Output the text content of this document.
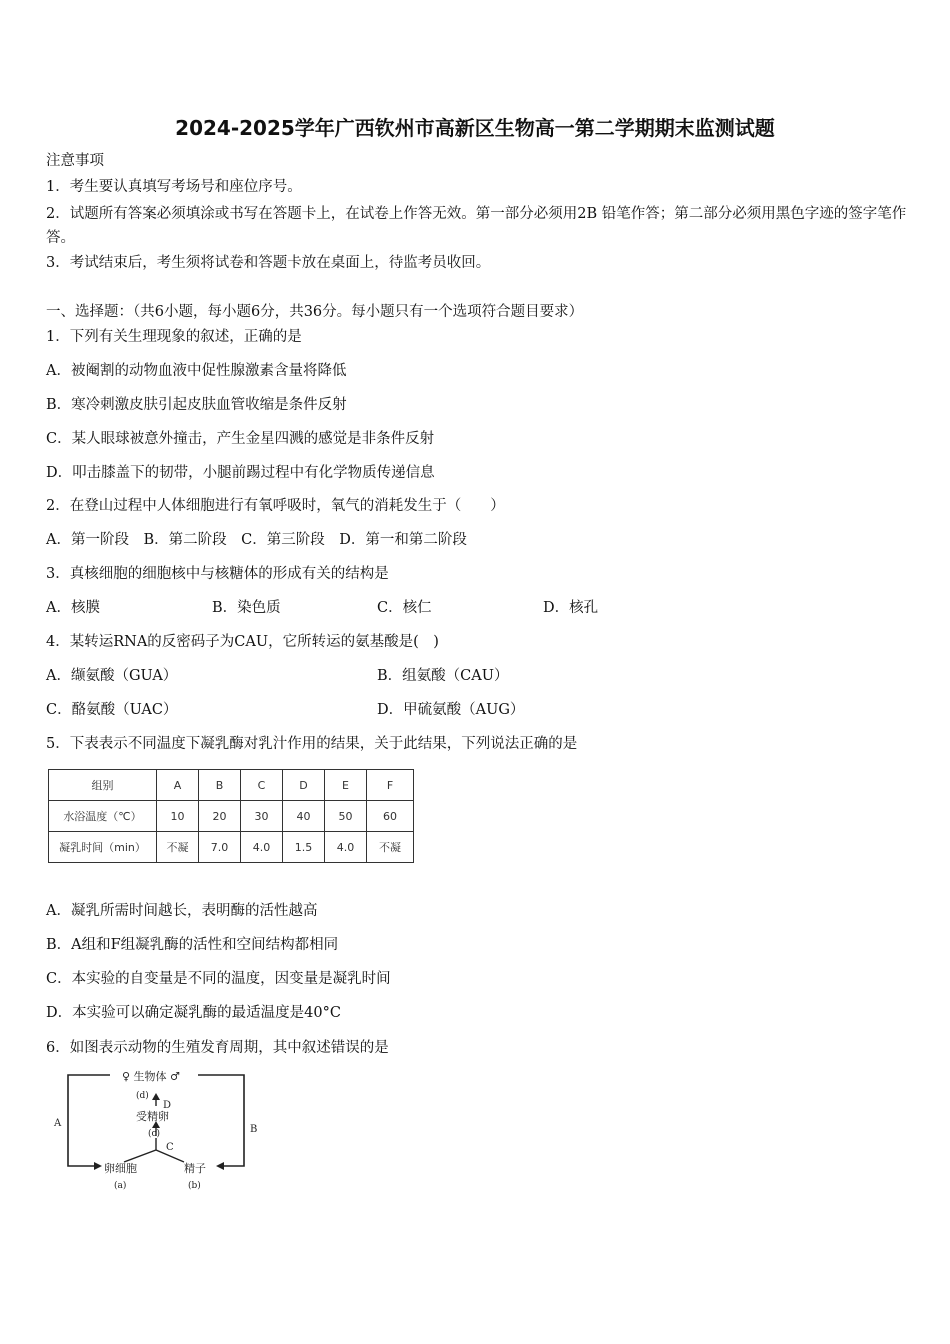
2024-2025学年广西钦州市高新区生物高一第二学期期末监测试题
注意事项
1．考生要认真填写考场号和座位序号。
2．试题所有答案必须填涂或书写在答题卡上，在试卷上作答无效。第一部分必须用2B 铅笔作答；第二部分必须用黑色字迹的签字笔作答。
3．考试结束后，考生须将试卷和答题卡放在桌面上，待监考员收回。
一、选择题：（共6小题，每小题6分，共36分。每小题只有一个选项符合题目要求）
1．下列有关生理现象的叙述，正确的是
A．被阉割的动物血液中促性腺激素含量将降低
B．寒冷刺激皮肤引起皮肤血管收缩是条件反射
C．某人眼球被意外撞击，产生金星四溅的感觉是非条件反射
D．叩击膝盖下的韧带，小腿前踢过程中有化学物质传递信息
2．在登山过程中人体细胞进行有氧呼吸时，氧气的消耗发生于（　　）
A．第一阶段　B．第二阶段　C．第三阶段　D．第一和第二阶段
3．真核细胞的细胞核中与核糖体的形成有关的结构是
A．核膜	B．染色质	C．核仁	D．核孔
4．某转运RNA的反密码子为CAU，它所转运的氨基酸是(　)
A．缬氨酸（GUA）	B．组氨酸（CAU）
C．酪氨酸（UAC）	D．甲硫氨酸（AUG）
5．下表表示不同温度下凝乳酶对乳汁作用的结果，关于此结果，下列说法正确的是
组别	A	B	C	D	E	F
水浴温度（℃）	10	20	30	40	50	60
凝乳时间（min）	不凝	7.0	4.0	1.5	4.0	不凝
A．凝乳所需时间越长，表明酶的活性越高
B．A组和F组凝乳酶的活性和空间结构都相同
C．本实验的自变量是不同的温度，因变量是凝乳时间
D．本实验可以确定凝乳酶的最适温度是40°C
6．如图表示动物的生殖发育周期，其中叙述错误的是
♀ 生物体 ♂
(d)
D
受精卵
(c)
C
卵细胞
(a)
精子
(b)
A
B
